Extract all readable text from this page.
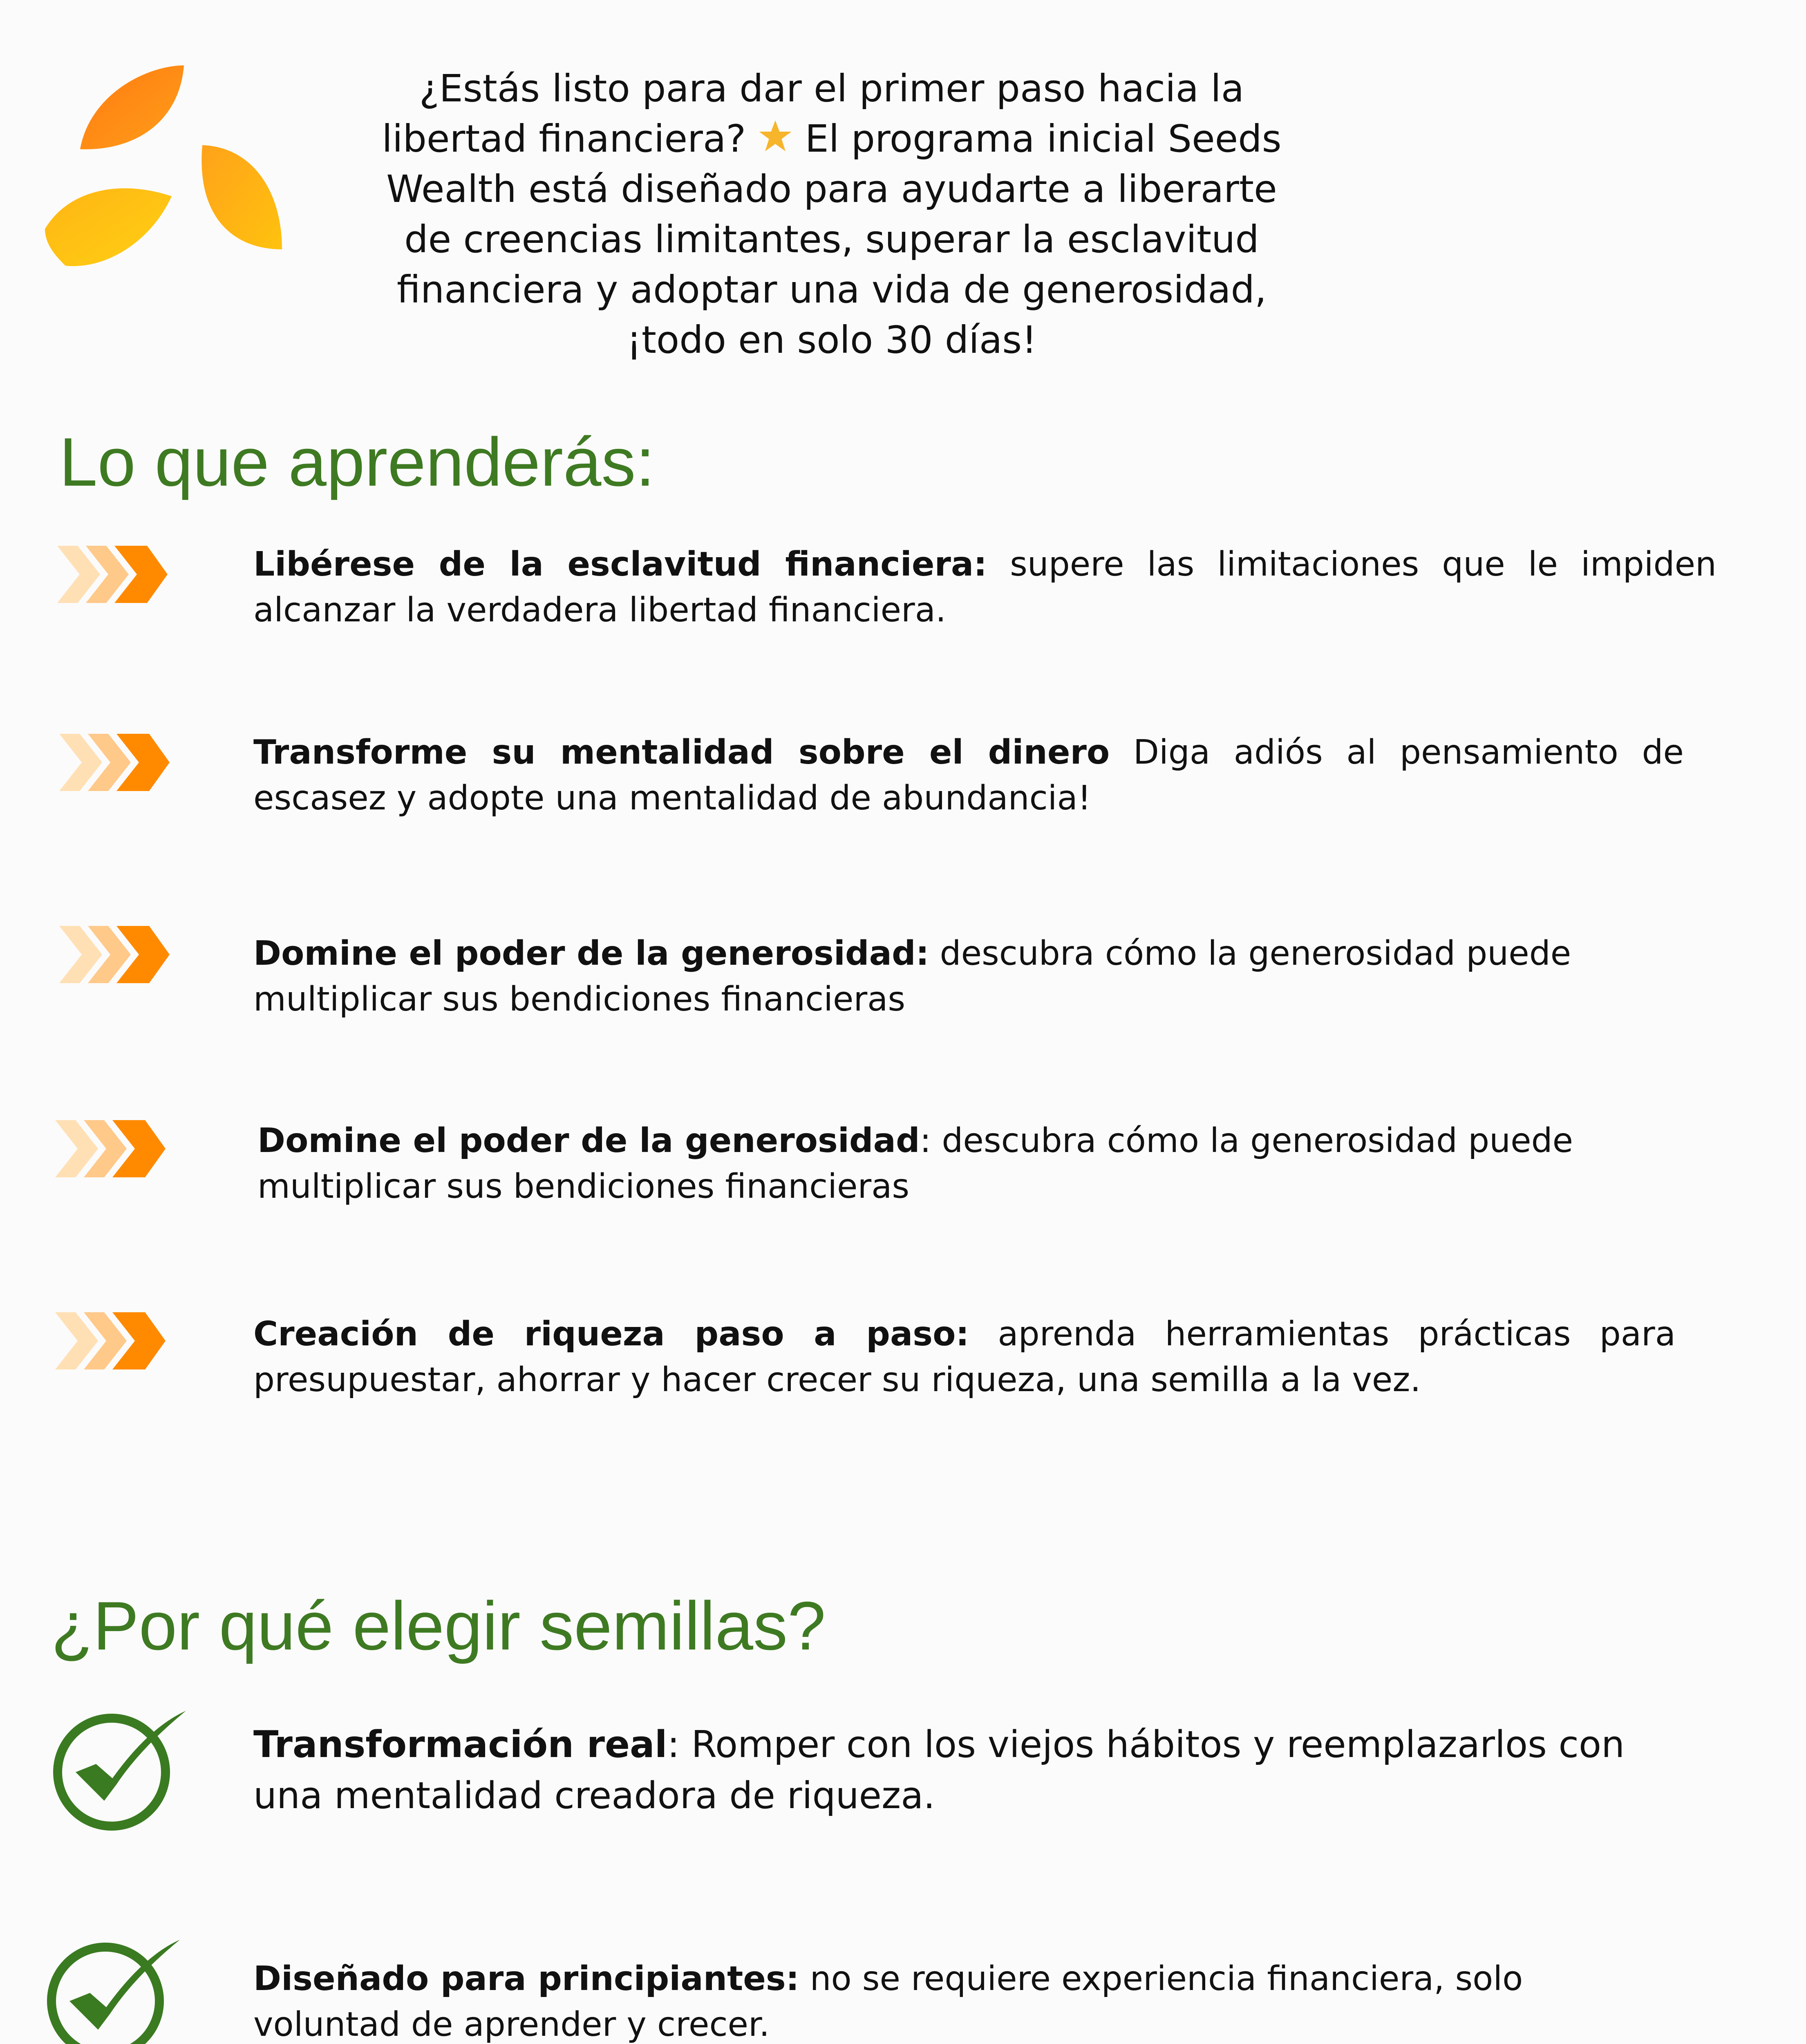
¿Estás listo para dar el primer paso hacia la libertad financiera? El programa inicial Seeds Wealth está diseñado para ayudarte a liberarte de creencias limitantes, superar la esclavitud financiera y adoptar una vida de generosidad, ¡todo en solo 30 días!
Lo que aprenderás:
Libérese de la esclavitud financiera: supere las limitaciones que le impiden alcanzar la verdadera libertad financiera.
Transforme su mentalidad sobre el dinero Diga adiós al pensamiento de escasez y adopte una mentalidad de abundancia!
Domine el poder de la generosidad: descubra cómo la generosidad puede multiplicar sus bendiciones financieras
Domine el poder de la generosidad: descubra cómo la generosidad puede multiplicar sus bendiciones financieras
Creación de riqueza paso a paso: aprenda herramientas prácticas para presupuestar, ahorrar y hacer crecer su riqueza, una semilla a la vez.
¿Por qué elegir semillas?
Transformación real: Romper con los viejos hábitos y reemplazarlos con una mentalidad creadora de riqueza.
Diseñado para principiantes: no se requiere experiencia financiera, solo voluntad de aprender y crecer.
